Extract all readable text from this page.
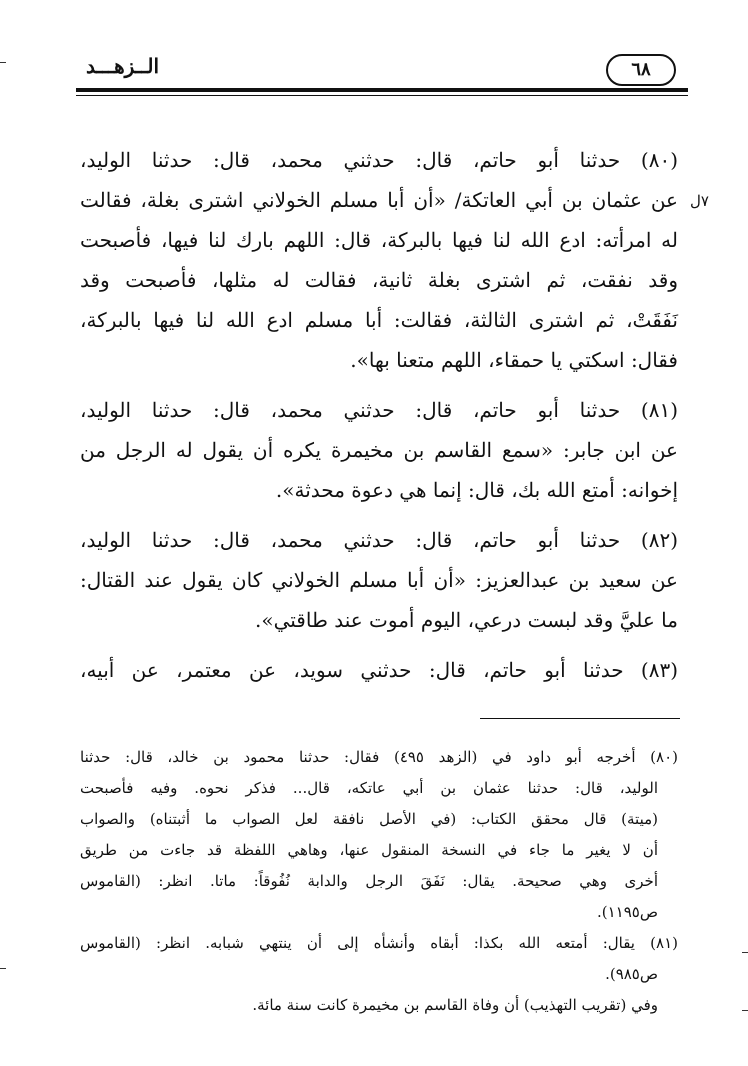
الــزهـــد	٦٨
٧ل

(٨٠) حدثنا أبو حاتم، قال: حدثني محمد، قال: حدثنا الوليد،
عن عثمان بن أبي العاتكة/ «أن أبا مسلم الخولاني اشترى بغلة، فقالت
له امرأته: ادع الله لنا فيها بالبركة، قال: اللهم بارك لنا فيها، فأصبحت
وقد نفقت، ثم اشترى بغلة ثانية، فقالت له مثلها، فأصبحت وقد
نَفَقَتْ، ثم اشترى الثالثة، فقالت: أبا مسلم ادع الله لنا فيها بالبركة،
فقال: اسكتي يا حمقاء، اللهم متعنا بها».

(٨١) حدثنا أبو حاتم، قال: حدثني محمد، قال: حدثنا الوليد،
عن ابن جابر: «سمع القاسم بن مخيمرة يكره أن يقول له الرجل من
إخوانه: أمتع الله بك، قال: إنما هي دعوة محدثة».

(٨٢) حدثنا أبو حاتم، قال: حدثني محمد، قال: حدثنا الوليد،
عن سعيد بن عبدالعزيز: «أن أبا مسلم الخولاني كان يقول عند القتال:
ما عليَّ وقد لبست درعي، اليوم أموت عند طاقتي».

(٨٣) حدثنا أبو حاتم، قال: حدثني سويد، عن معتمر، عن أبيه،

(٨٠) أخرجه أبو داود في (الزهد ٤٩٥) فقال: حدثنا محمود بن خالد، قال: حدثنا
الوليد، قال: حدثنا عثمان بن أبي عاتكه، قال... فذكر نحوه. وفيه فأصبحت
(ميتة) قال محقق الكتاب: (في الأصل نافقة لعل الصواب ما أثبتناه) والصواب
أن لا يغير ما جاء في النسخة المنقول عنها، وهاهي اللفظة قد جاءت من طريق
أخرى وهي صحيحة. يقال: نَفَقَ الرجل والدابة نُفُوقاً: ماتا. انظر: (القاموس
ص١١٩٥).

(٨١) يقال: أمتعه الله بكذا: أبقاه وأنشأه إلى أن ينتهي شبابه. انظر: (القاموس
ص٩٨٥).

وفي (تقريب التهذيب) أن وفاة القاسم بن مخيمرة كانت سنة مائة.
